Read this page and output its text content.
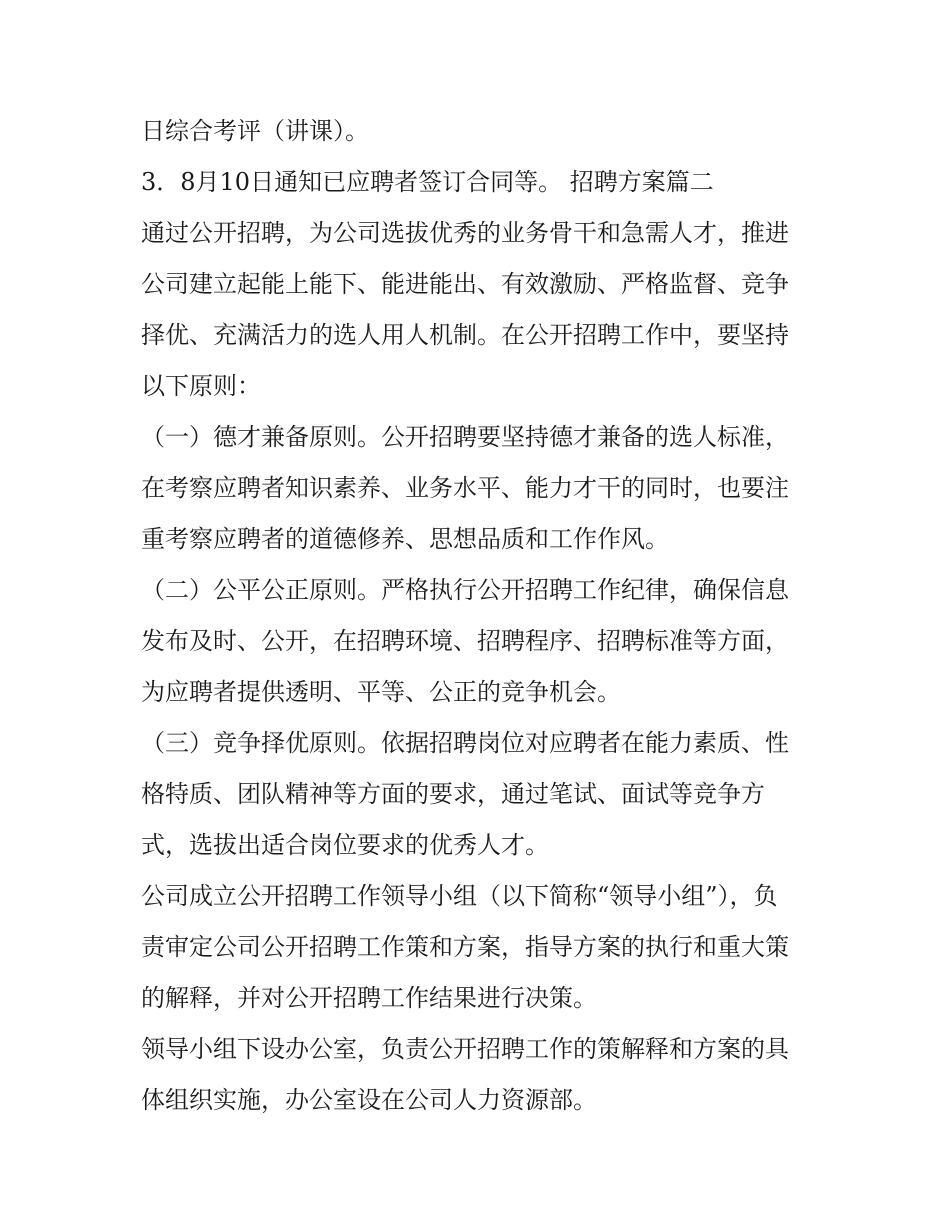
日综合考评（讲课）。
3．8月10日通知已应聘者签订合同等。 招聘方案篇二
通过公开招聘，为公司选拔优秀的业务骨干和急需人才，推进
公司建立起能上能下、能进能出、有效激励、严格监督、竞争
择优、充满活力的选人用人机制。在公开招聘工作中，要坚持
以下原则：
（一）德才兼备原则。公开招聘要坚持德才兼备的选人标准，
在考察应聘者知识素养、业务水平、能力才干的同时，也要注
重考察应聘者的道德修养、思想品质和工作作风。
（二）公平公正原则。严格执行公开招聘工作纪律，确保信息
发布及时、公开，在招聘环境、招聘程序、招聘标准等方面，
为应聘者提供透明、平等、公正的竞争机会。
（三）竞争择优原则。依据招聘岗位对应聘者在能力素质、性
格特质、团队精神等方面的要求，通过笔试、面试等竞争方
式，选拔出适合岗位要求的优秀人才。
公司成立公开招聘工作领导小组（以下简称“领导小组”），负
责审定公司公开招聘工作策和方案，指导方案的执行和重大策
的解释，并对公开招聘工作结果进行决策。
领导小组下设办公室，负责公开招聘工作的策解释和方案的具
体组织实施，办公室设在公司人力资源部。
